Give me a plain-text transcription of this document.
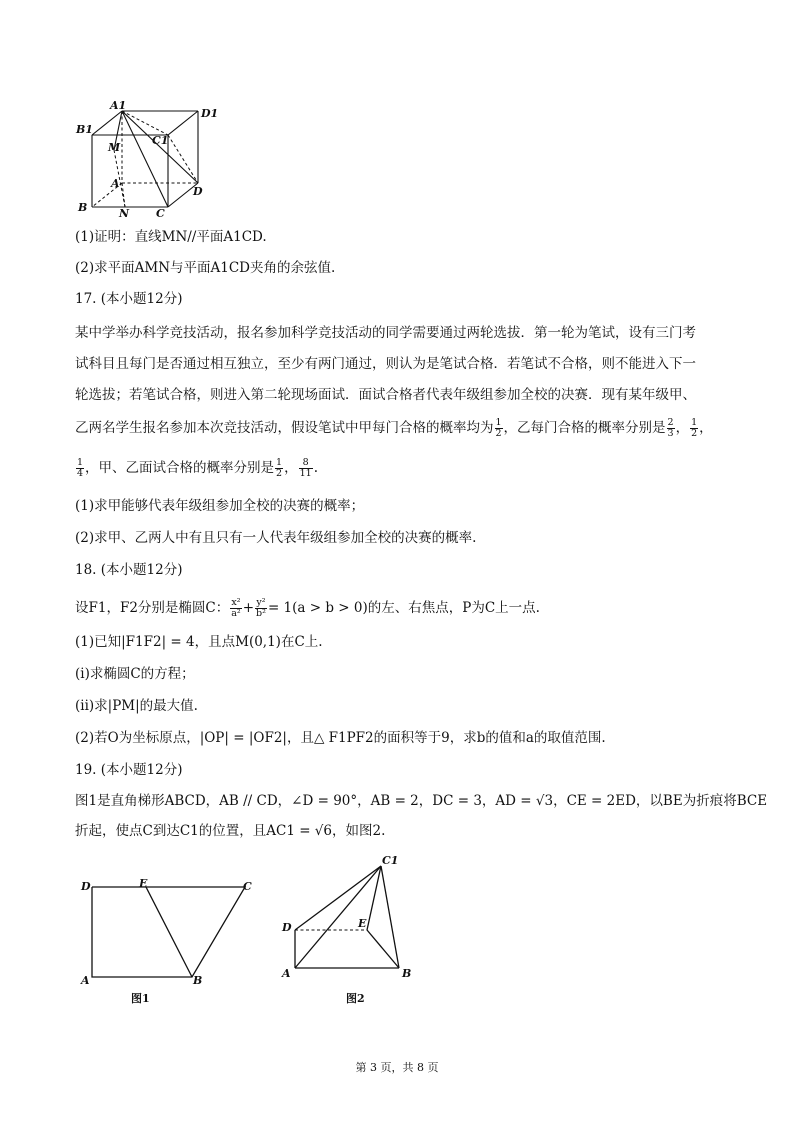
A1
D1
B1
C1
M
A
D
B	N C
(1)证明：直线MN//平面A1CD.
(2)求平面AMN与平面A1CD夹角的余弦值.
17. (本小题12分)
某中学举办科学竞技活动，报名参加科学竞技活动的同学需要通过两轮选拔．第一轮为笔试，设有三门考
试科目且每门是否通过相互独立，至少有两门通过，则认为是笔试合格．若笔试不合格，则不能进入下一
轮选拔；若笔试合格，则进入第二轮现场面试．面试合格者代表年级组参加全校的决赛．现有某年级甲、
乙两名学生报名参加本次竞技活动，假设笔试中甲每门合格的概率均为 $\frac{1}{2}$ ，乙每门合格的概率分别是 $\frac{2}{3}$ ， $\frac{1}{2}$ ，
$\frac{1}{4}$ ，甲、乙面试合格的概率分别是 $\frac{1}{2}$ ， $\frac{8}{11}$ .
(1)求甲能够代表年级组参加全校的决赛的概率；
(2)求甲、乙两人中有且只有一人代表年级组参加全校的决赛的概率.
18. (本小题12分)
设F1，F2分别是椭圆C： $\frac{\text{x²}}{\text{a²}} + \frac{\text{y²}}{\text{b²}} = 1(a > b > 0)$的左、右焦点，P为C上一点.
(1)已知|F1F2| = 4，且点M(0,1)在C上.
(i)求椭圆C的方程；
(ii)求|PM|的最大值.
(2)若O为坐标原点，|OP| = |OF2|，且△ F1PF2的面积等于9，求b的值和a的取值范围.
19. (本小题12分)
图1是直角梯形ABCD，AB // CD，∠D = 90°，AB = 2，DC = 3，AD = √3，CE = 2ED，以BE为折痕将BCE
折起，使点C到达C1的位置，且AC1 = √6，如图2.
D	E	C
A	B
图1
C1
D	E
A	B
图2
第 3 页，共 8 页
